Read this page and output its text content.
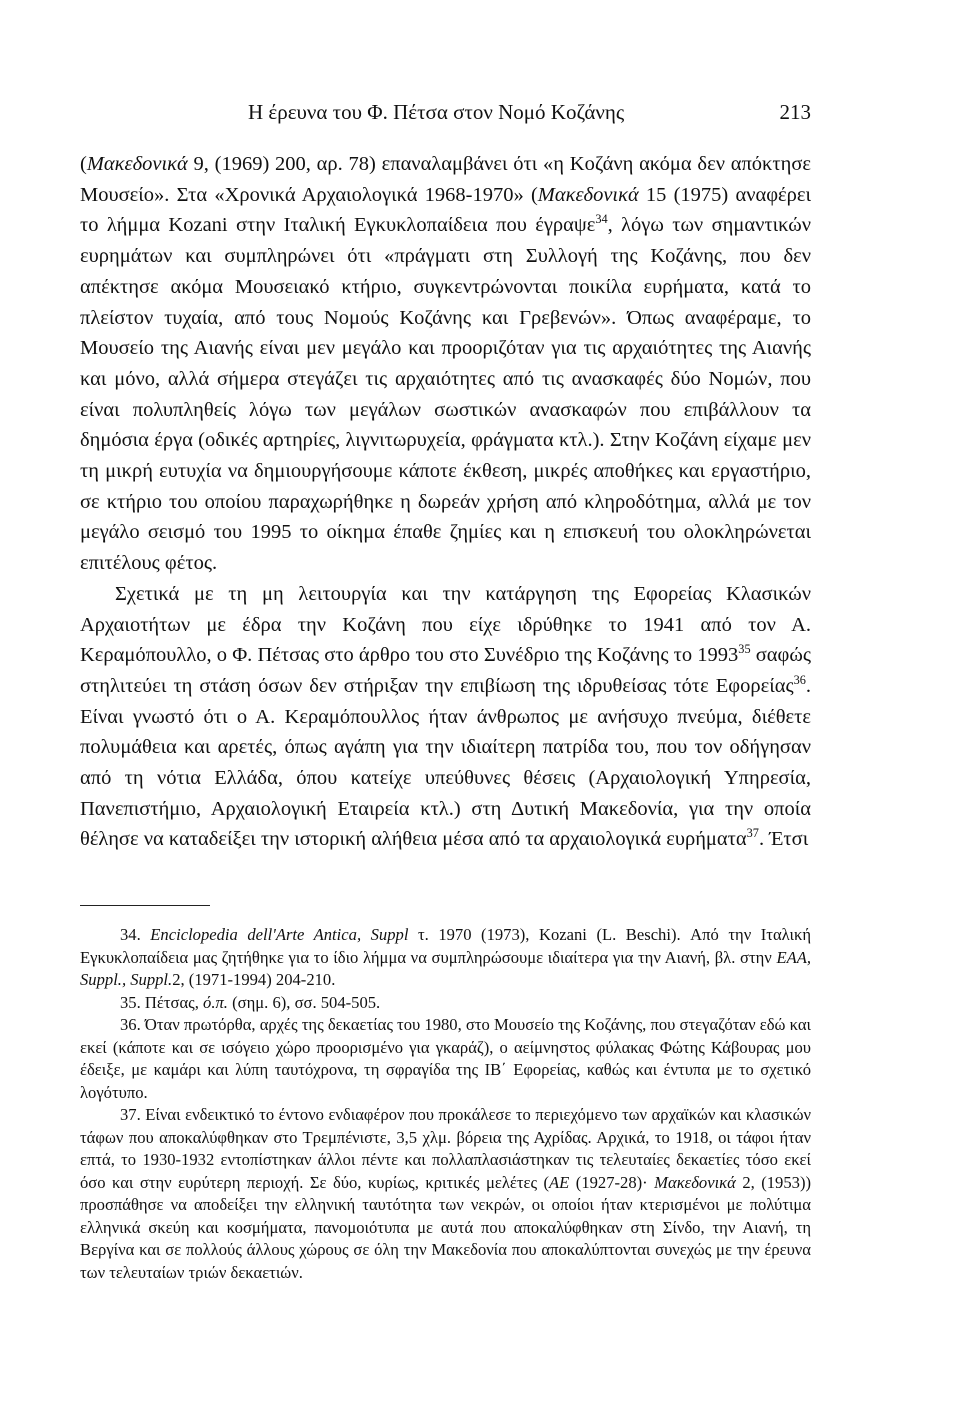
Η έρευνα του Φ. Πέτσα στον Νομό Κοζάνης	213

(Μακεδονικά 9, (1969) 200, αρ. 78) επαναλαμβάνει ότι «η Κοζάνη ακόμα δεν απόκτησε Μουσείο». Στα «Χρονικά Αρχαιολογικά 1968-1970» (Μακεδονικά 15 (1975) αναφέρει το λήμμα Kozani στην Ιταλική Εγκυκλοπαίδεια που έγραψε$^{34}$, λόγω των σημαντικών ευρημάτων και συμπληρώνει ότι «πράγματι στη Συλλογή της Κοζάνης, που δεν απέκτησε ακόμα Μουσειακό κτήριο, συγκεντρώνονται ποικίλα ευρήματα, κατά το πλείστον τυχαία, από τους Νομούς Κοζάνης και Γρεβενών». Όπως αναφέραμε, το Μουσείο της Αιανής είναι μεν μεγάλο και προοριζόταν για τις αρχαιότητες της Αιανής και μόνο, αλλά σήμερα στεγάζει τις αρχαιότητες από τις ανασκαφές δύο Νομών, που είναι πολυπληθείς λόγω των μεγάλων σωστικών ανασκαφών που επιβάλλουν τα δημόσια έργα (οδικές αρτηρίες, λιγνιτωρυχεία, φράγματα κτλ.). Στην Κοζάνη είχαμε μεν τη μικρή ευτυχία να δημιουργήσουμε κάποτε έκθεση, μικρές αποθήκες και εργαστήριο, σε κτήριο του οποίου παραχωρήθηκε η δωρεάν χρήση από κληροδότημα, αλλά με τον μεγάλο σεισμό του 1995 το οίκημα έπαθε ζημίες και η επισκευή του ολοκληρώνεται επιτέλους φέτος.

Σχετικά με τη μη λειτουργία και την κατάργηση της Εφορείας Κλασικών Αρχαιοτήτων με έδρα την Κοζάνη που είχε ιδρύθηκε το 1941 από τον Α. Κεραμόπουλλο, ο Φ. Πέτσας στο άρθρο του στο Συνέδριο της Κοζάνης το 1993$^{35}$ σαφώς στηλιτεύει τη στάση όσων δεν στήριξαν την επιβίωση της ιδρυθείσας τότε Εφορείας$^{36}$. Είναι γνωστό ότι ο Α. Κεραμόπουλλος ήταν άνθρωπος με ανήσυχο πνεύμα, διέθετε πολυμάθεια και αρετές, όπως αγάπη για την ιδιαίτερη πατρίδα του, που τον οδήγησαν από τη νότια Ελλάδα, όπου κατείχε υπεύθυνες θέσεις (Αρχαιολογική Υπηρεσία, Πανεπιστήμιο, Αρχαιολογική Εταιρεία κτλ.) στη Δυτική Μακεδονία, για την οποία θέλησε να καταδείξει την ιστορική αλήθεια μέσα από τα αρχαιολογικά ευρήματα$^{37}$. Έτσι

34. Enciclopedia dell'Arte Antica, Suppl τ. 1970 (1973), Kozani (L. Beschi). Από την Ιταλική Εγκυκλοπαίδεια μας ζητήθηκε για το ίδιο λήμμα να συμπληρώσουμε ιδιαίτερα για την Αιανή, βλ. στην ΕΑΑ, Suppl., Suppl.2, (1971-1994) 204-210.

35. Πέτσας, ό.π. (σημ. 6), σσ. 504-505.

36. Όταν πρωτόρθα, αρχές της δεκαετίας του 1980, στο Μουσείο της Κοζάνης, που στεγαζόταν εδώ και εκεί (κάποτε και σε ισόγειο χώρο προορισμένο για γκαράζ), ο αείμνηστος φύλακας Φώτης Κάβουρας μου έδειξε, με καμάρι και λύπη ταυτόχρονα, τη σφραγίδα της ΙΒ΄ Εφορείας, καθώς και έντυπα με το σχετικό λογότυπο.

37. Είναι ενδεικτικό το έντονο ενδιαφέρον που προκάλεσε το περιεχόμενο των αρχαϊκών και κλασικών τάφων που αποκαλύφθηκαν στο Τρεμπένιστε, 3,5 χλμ. βόρεια της Αχρίδας. Αρχικά, το 1918, οι τάφοι ήταν επτά, το 1930-1932 εντοπίστηκαν άλλοι πέντε και πολλαπλασιάστηκαν τις τελευταίες δεκαετίες τόσο εκεί όσο και στην ευρύτερη περιοχή. Σε δύο, κυρίως, κριτικές μελέτες (ΑΕ (1927-28)· Μακεδονικά 2, (1953)) προσπάθησε να αποδείξει την ελληνική ταυτότητα των νεκρών, οι οποίοι ήταν κτερισμένοι με πολύτιμα ελληνικά σκεύη και κοσμήματα, πανομοιότυπα με αυτά που αποκαλύφθηκαν στη Σίνδο, την Αιανή, τη Βεργίνα και σε πολλούς άλλους χώρους σε όλη την Μακεδονία που αποκαλύπτονται συνεχώς με την έρευνα των τελευταίων τριών δεκαετιών.
